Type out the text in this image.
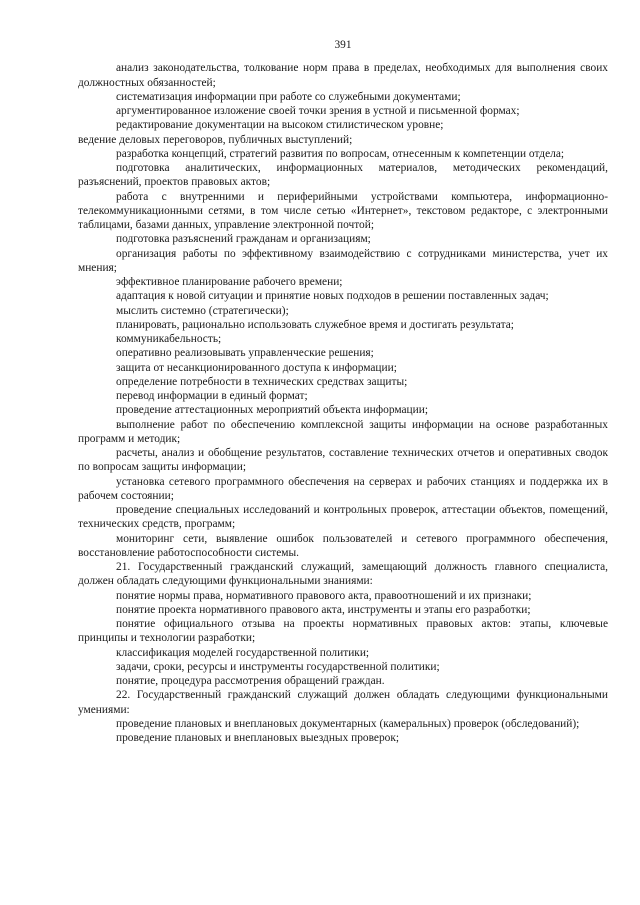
391

анализ законодательства, толкование норм права в пределах, необходимых для выполнения своих должностных обязанностей;

систематизация информации при работе со служебными документами;

аргументированное изложение своей точки зрения в устной и письменной формах;

редактирование документации на высоком стилистическом уровне;

ведение деловых переговоров, публичных выступлений;

разработка концепций, стратегий развития по вопросам, отнесенным к компетенции отдела;

подготовка аналитических, информационных материалов, методических рекомендаций, разъяснений, проектов правовых актов;

работа с внутренними и периферийными устройствами компьютера, информационно-телекоммуникационными сетями, в том числе сетью «Интернет», текстовом редакторе, с электронными таблицами, базами данных, управление электронной почтой;

подготовка разъяснений гражданам и организациям;

организация работы по эффективному взаимодействию с сотрудниками министерства, учет их мнения;

эффективное планирование рабочего времени;

адаптация к новой ситуации и принятие новых подходов в решении поставленных задач;

мыслить системно (стратегически);

планировать, рационально использовать служебное время и достигать результата;

коммуникабельность;

оперативно реализовывать управленческие решения;

защита от несанкционированного доступа к информации;

определение потребности в технических средствах защиты;

перевод информации в единый формат;

проведение аттестационных мероприятий объекта информации;

выполнение работ по обеспечению комплексной защиты информации на основе разработанных программ и методик;

расчеты, анализ и обобщение результатов, составление технических отчетов и оперативных сводок по вопросам защиты информации;

установка сетевого программного обеспечения на серверах и рабочих станциях и поддержка их в рабочем состоянии;

проведение специальных исследований и контрольных проверок, аттестации объектов, помещений, технических средств, программ;

мониторинг сети, выявление ошибок пользователей и сетевого программного обеспечения, восстановление работоспособности системы.

21. Государственный гражданский служащий, замещающий должность главного специалиста, должен обладать следующими функциональными знаниями:

понятие нормы права, нормативного правового акта, правоотношений и их признаки;

понятие проекта нормативного правового акта, инструменты и этапы его разработки;

понятие официального отзыва на проекты нормативных правовых актов: этапы, ключевые принципы и технологии разработки;

классификация моделей государственной политики;

задачи, сроки, ресурсы и инструменты государственной политики;

понятие, процедура рассмотрения обращений граждан.

22. Государственный гражданский служащий должен обладать следующими функциональными умениями:

проведение плановых и внеплановых документарных (камеральных) проверок (обследований);

проведение плановых и внеплановых выездных проверок;
